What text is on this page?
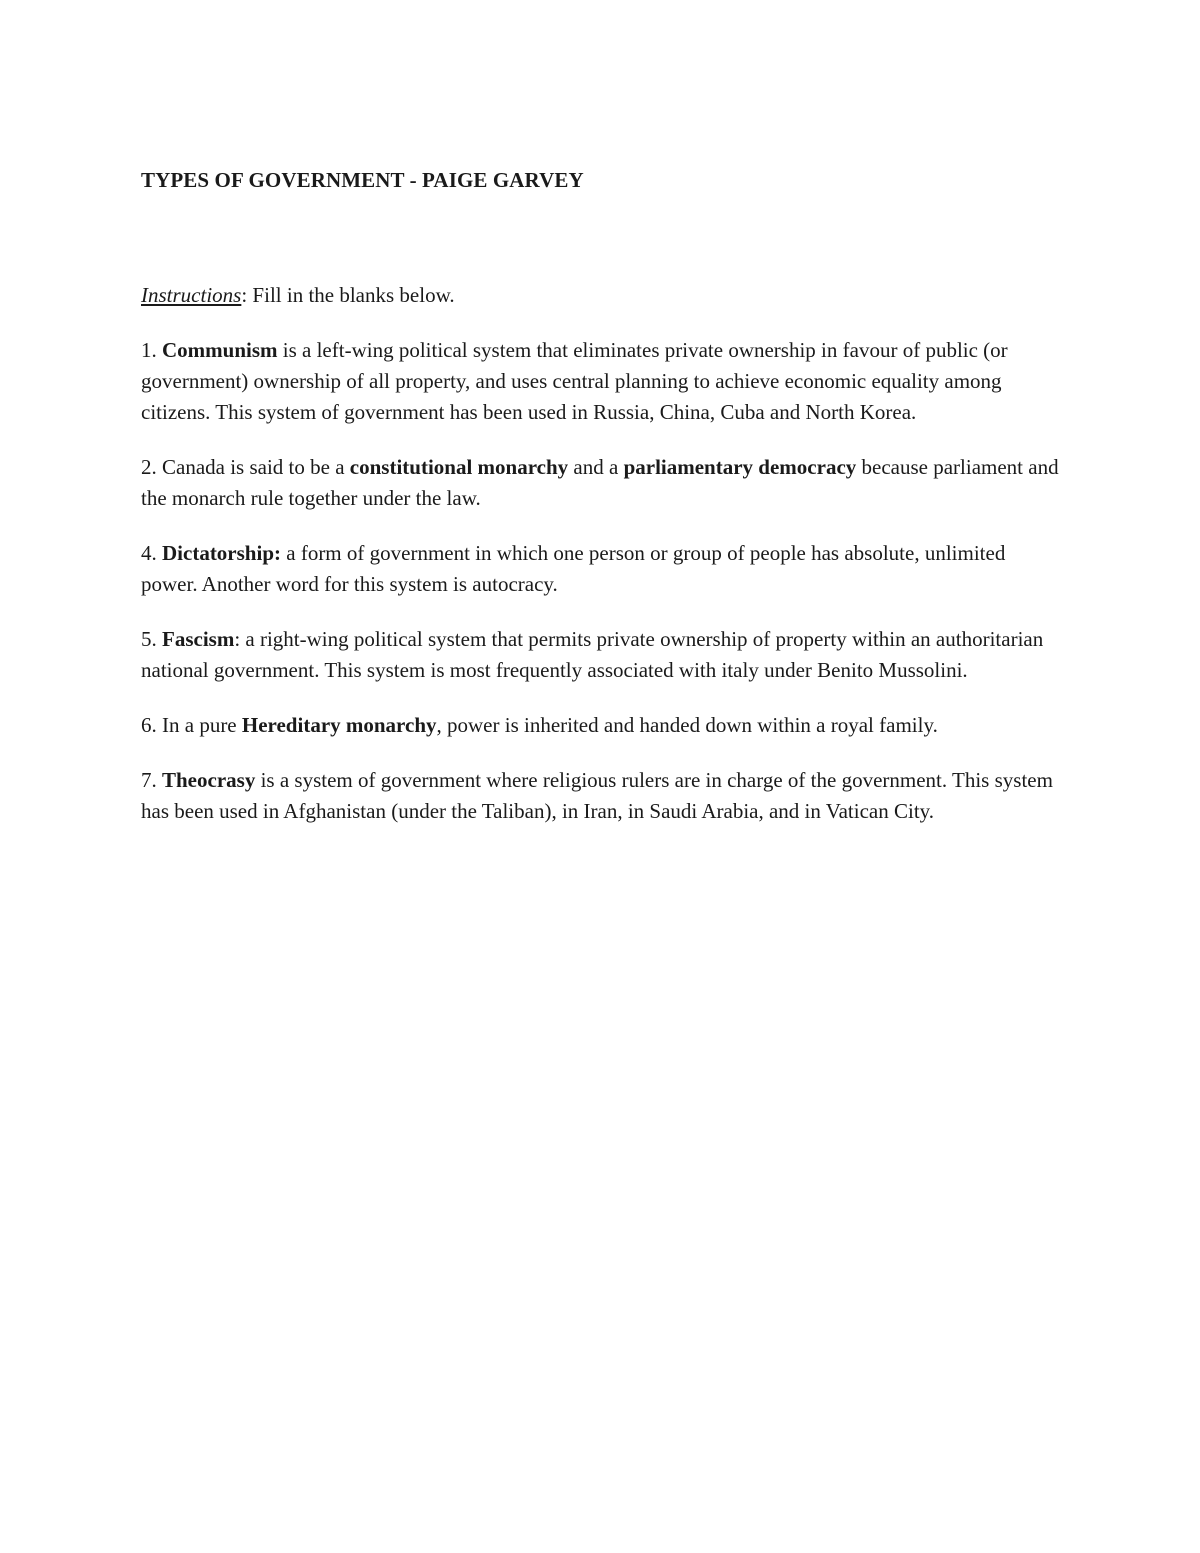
TYPES OF GOVERNMENT - PAIGE GARVEY

Instructions: Fill in the blanks below.

1. Communism is a left-wing political system that eliminates private ownership in favour of public (or government) ownership of all property, and uses central planning to achieve economic equality among citizens. This system of government has been used in Russia, China, Cuba and North Korea.

2. Canada is said to be a constitutional monarchy and a parliamentary democracy because parliament and the monarch rule together under the law.

4. Dictatorship: a form of government in which one person or group of people has absolute, unlimited power. Another word for this system is autocracy.

5. Fascism: a right-wing political system that permits private ownership of property within an authoritarian national government. This system is most frequently associated with italy under Benito Mussolini.

6. In a pure Hereditary monarchy, power is inherited and handed down within a royal family.

7. Theocrasy is a system of government where religious rulers are in charge of the government. This system has been used in Afghanistan (under the Taliban), in Iran, in Saudi Arabia, and in Vatican City.
